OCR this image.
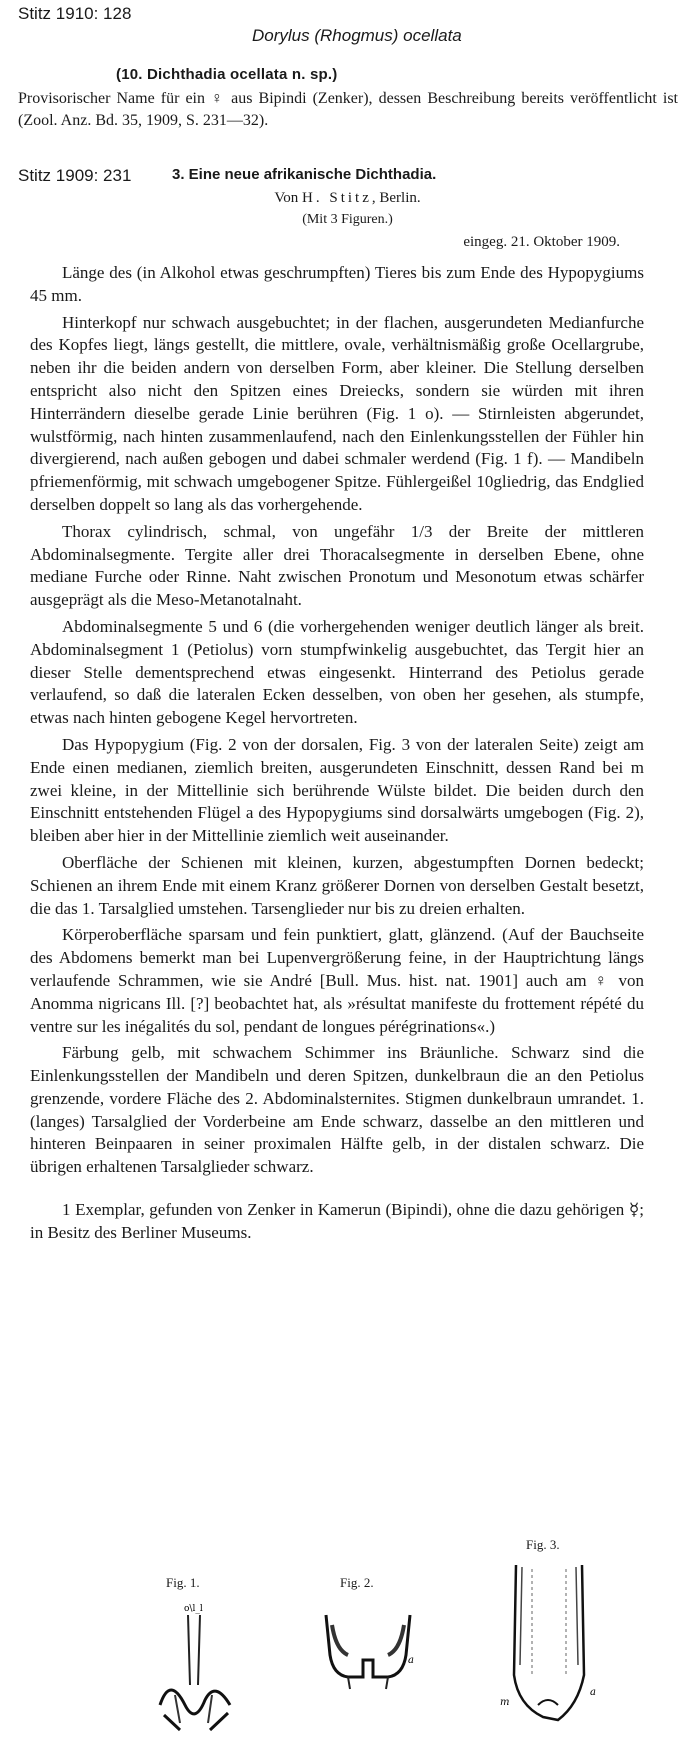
Stitz 1910: 128
Dorylus (Rhogmus) ocellata
(10. Dichthadia ocellata n. sp.)
Provisorischer Name für ein ♀ aus Bipindi (Zenker), dessen Beschreibung bereits veröffentlicht ist (Zool. Anz. Bd. 35, 1909, S. 231—32).
Stitz 1909: 231	3. Eine neue afrikanische Dichthadia.
Von H. Stitz, Berlin.
(Mit 3 Figuren.)
eingeg. 21. Oktober 1909.

Länge des (in Alkohol etwas geschrumpften) Tieres bis zum Ende des Hypopygiums 45 mm.

Hinterkopf nur schwach ausgebuchtet; in der flachen, ausgerundeten Medianfurche des Kopfes liegt, längs gestellt, die mittlere, ovale, verhältnismäßig große Ocellargrube, neben ihr die beiden andern von derselben Form, aber kleiner. Die Stellung derselben entspricht also nicht den Spitzen eines Dreiecks, sondern sie würden mit ihren Hinterrändern dieselbe gerade Linie berühren (Fig. 1 o). — Stirnleisten abgerundet, wulstförmig, nach hinten zusammenlaufend, nach den Einlenkungsstellen der Fühler hin divergierend, nach außen gebogen und dabei schmaler werdend (Fig. 1 f). — Mandibeln pfriemenförmig, mit schwach umgebogener Spitze. Fühlergeißel 10gliedrig, das Endglied derselben doppelt so lang als das vorhergehende.

Thorax cylindrisch, schmal, von ungefähr 1/3 der Breite der mittleren Abdominalsegmente. Tergite aller drei Thoracalsegmente in derselben Ebene, ohne mediane Furche oder Rinne. Naht zwischen Pronotum und Mesonotum etwas schärfer ausgeprägt als die Meso-Metanotalnaht.

Abdominalsegmente 5 und 6 (die vorhergehenden weniger deutlich länger als breit. Abdominalsegment 1 (Petiolus) vorn stumpfwinkelig ausgebuchtet, das Tergit hier an dieser Stelle dementsprechend etwas eingesenkt. Hinterrand des Petiolus gerade verlaufend, so daß die lateralen Ecken desselben, von oben her gesehen, als stumpfe, etwas nach hinten gebogene Kegel hervortreten.

Das Hypopygium (Fig. 2 von der dorsalen, Fig. 3 von der lateralen Seite) zeigt am Ende einen medianen, ziemlich breiten, ausgerundeten Einschnitt, dessen Rand bei m zwei kleine, in der Mittellinie sich berührende Wülste bildet. Die beiden durch den Einschnitt entstehenden Flügel a des Hypopygiums sind dorsalwärts umgebogen (Fig. 2), bleiben aber hier in der Mittellinie ziemlich weit auseinander.

Oberfläche der Schienen mit kleinen, kurzen, abgestumpften Dornen bedeckt; Schienen an ihrem Ende mit einem Kranz größerer Dornen von derselben Gestalt besetzt, die das 1. Tarsalglied umstehen. Tarsenglieder nur bis zu dreien erhalten.

Körperoberfläche sparsam und fein punktiert, glatt, glänzend. (Auf der Bauchseite des Abdomens bemerkt man bei Lupenvergrößerung feine, in der Hauptrichtung längs verlaufende Schrammen, wie sie André [Bull. Mus. hist. nat. 1901] auch am ♀ von Anomma nigricans Ill. [?] beobachtet hat, als »résultat manifeste du frottement répété du ventre sur les inégalités du sol, pendant de longues pérégrinations«.)

Färbung gelb, mit schwachem Schimmer ins Bräunliche. Schwarz sind die Einlenkungsstellen der Mandibeln und deren Spitzen, dunkelbraun die an den Petiolus grenzende, vordere Fläche des 2. Abdominalsternites. Stigmen dunkelbraun umrandet. 1. (langes) Tarsalglied der Vorderbeine am Ende schwarz, dasselbe an den mittleren und hinteren Beinpaaren in seiner proximalen Hälfte gelb, in der distalen schwarz. Die übrigen erhaltenen Tarsalglieder schwarz.

1 Exemplar, gefunden von Zenker in Kamerun (Bipindi), ohne die dazu gehörigen ☿; in Besitz des Berliner Museums.

Fig. 1.	Fig. 2.
Fig. 3.
o\l_l
a
m
a
